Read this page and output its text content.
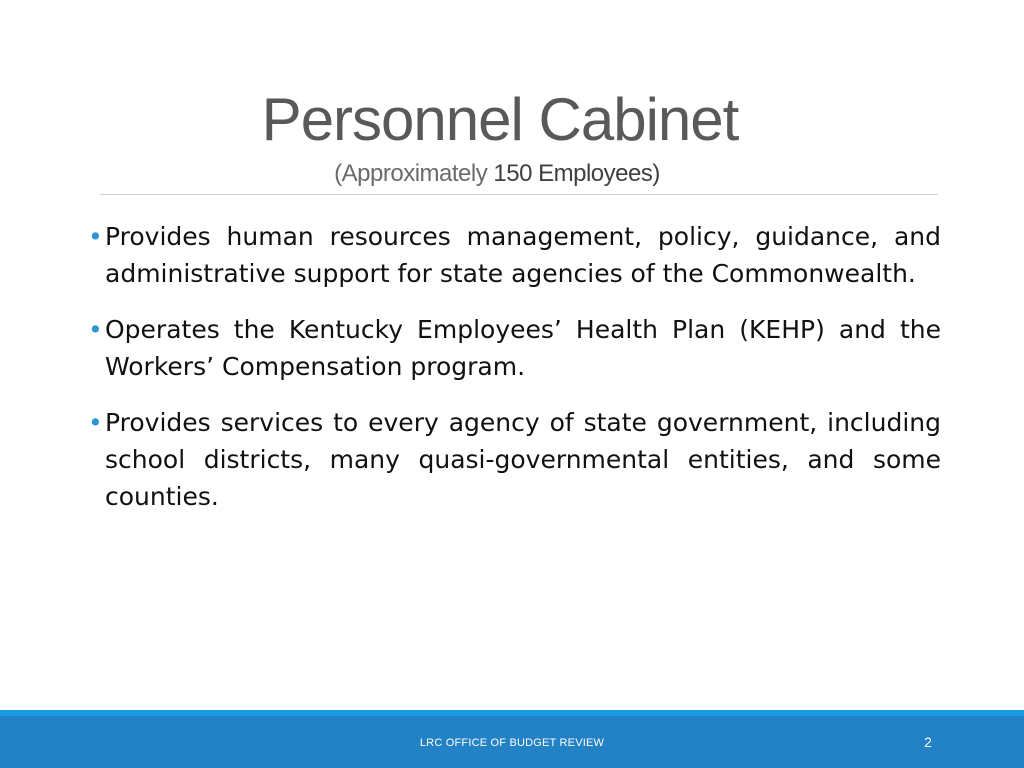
Personnel Cabinet
(Approximately 150 Employees)
• Provides human resources management, policy, guidance, and administrative support for state agencies of the Commonwealth.
• Operates the Kentucky Employees’ Health Plan (KEHP) and the Workers’ Compensation program.
• Provides services to every agency of state government, including school districts, many quasi-governmental entities, and some counties.
LRC OFFICE OF BUDGET REVIEW	2
